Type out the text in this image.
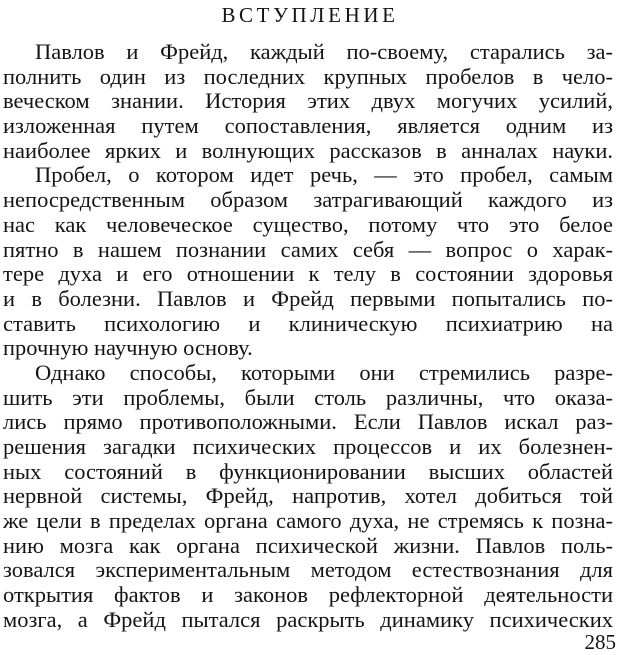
ВСТУПЛЕНИЕ

Павлов и Фрейд, каждый по-своему, старались за-
полнить один из последних крупных пробелов в чело-
веческом знании. История этих двух могучих усилий,
изложенная путем сопоставления, является одним из
наиболее ярких и волнующих рассказов в анналах науки.

Пробел, о котором идет речь, — это пробел, самым
непосредственным образом затрагивающий каждого из
нас как человеческое существо, потому что это белое
пятно в нашем познании самих себя — вопрос о харак-
тере духа и его отношении к телу в состоянии здоровья
и в болезни. Павлов и Фрейд первыми попытались по-
ставить психологию и клиническую психиатрию на
прочную научную основу.

Однако способы, которыми они стремились разре-
шить эти проблемы, были столь различны, что оказа-
лись прямо противоположными. Если Павлов искал раз-
решения загадки психических процессов и их болезнен-
ных состояний в функционировании высших областей
нервной системы, Фрейд, напротив, хотел добиться той
же цели в пределах органа самого духа, не стремясь к позна-
нию мозга как органа психической жизни. Павлов поль-
зовался экспериментальным методом естествознания для
открытия фактов и законов рефлекторной деятельности
мозга, а Фрейд пытался раскрыть динамику психических

285
